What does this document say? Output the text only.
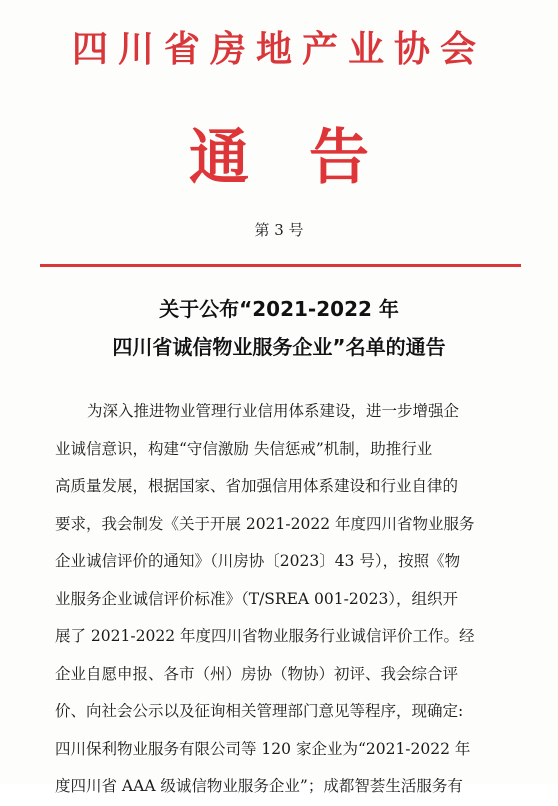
四川省房地产业协会
通告
第 3 号
关于公布“2021-2022 年
四川省诚信物业服务企业”名单的通告
为深入推进物业管理行业信用体系建设，进一步增强企
业诚信意识，构建“守信激励 失信惩戒”机制，助推行业
高质量发展，根据国家、省加强信用体系建设和行业自律的
要求，我会制发《关于开展 2021-2022 年度四川省物业服务
企业诚信评价的通知》（川房协〔2023〕43 号），按照《物
业服务企业诚信评价标准》（T/SREA 001-2023），组织开
展了 2021-2022 年度四川省物业服务行业诚信评价工作。经
企业自愿申报、各市（州）房协（物协）初评、我会综合评
价、向社会公示以及征询相关管理部门意见等程序，现确定:
四川保利物业服务有限公司等 120 家企业为“2021-2022 年
度四川省 AAA 级诚信物业服务企业”；成都智荟生活服务有
